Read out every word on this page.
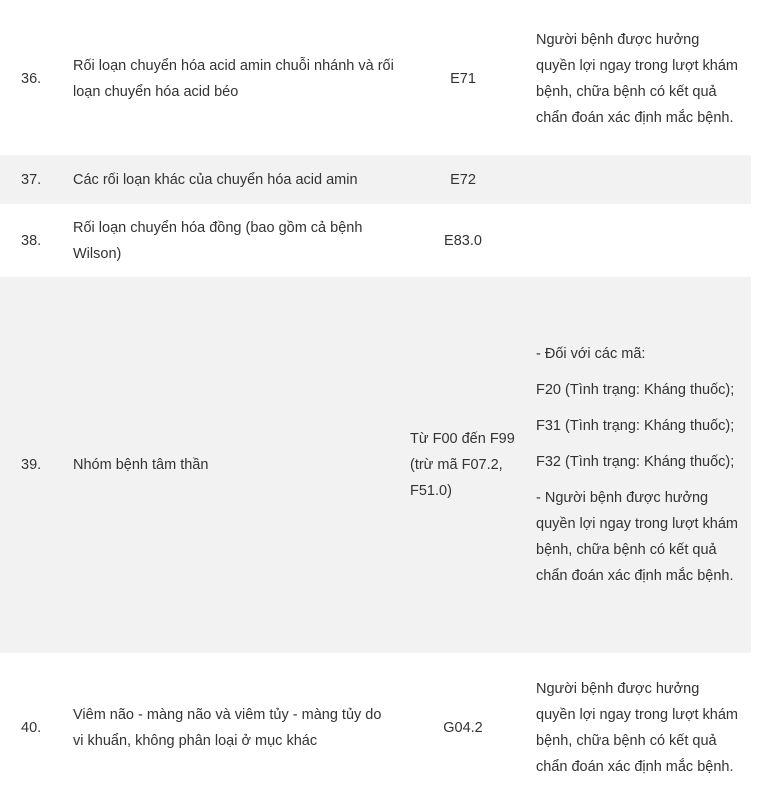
36.	Rối loạn chuyển hóa acid amin chuỗi nhánh và rối loạn chuyển hóa acid béo	E71	Người bệnh được hưởng quyền lợi ngay trong lượt khám bệnh, chữa bệnh có kết quả chẩn đoán xác định mắc bệnh.

37.	Các rối loạn khác của chuyển hóa acid amin	E72	
38.	Rối loạn chuyển hóa đồng (bao gồm cả bệnh Wilson)	E83.0	
39.	Nhóm bệnh tâm thần	Từ F00 đến F99 (trừ mã F07.2, F51.0)	- Đối với các mã:

F20 (Tình trạng: Kháng thuốc);

F31 (Tình trạng: Kháng thuốc);

F32 (Tình trạng: Kháng thuốc);

- Người bệnh được hưởng quyền lợi ngay trong lượt khám bệnh, chữa bệnh có kết quả chẩn đoán xác định mắc bệnh.

40.	Viêm não - màng não và viêm tủy - màng tủy do vi khuẩn, không phân loại ở mục khác	G04.2	Người bệnh được hưởng quyền lợi ngay trong lượt khám bệnh, chữa bệnh có kết quả chẩn đoán xác định mắc bệnh.
